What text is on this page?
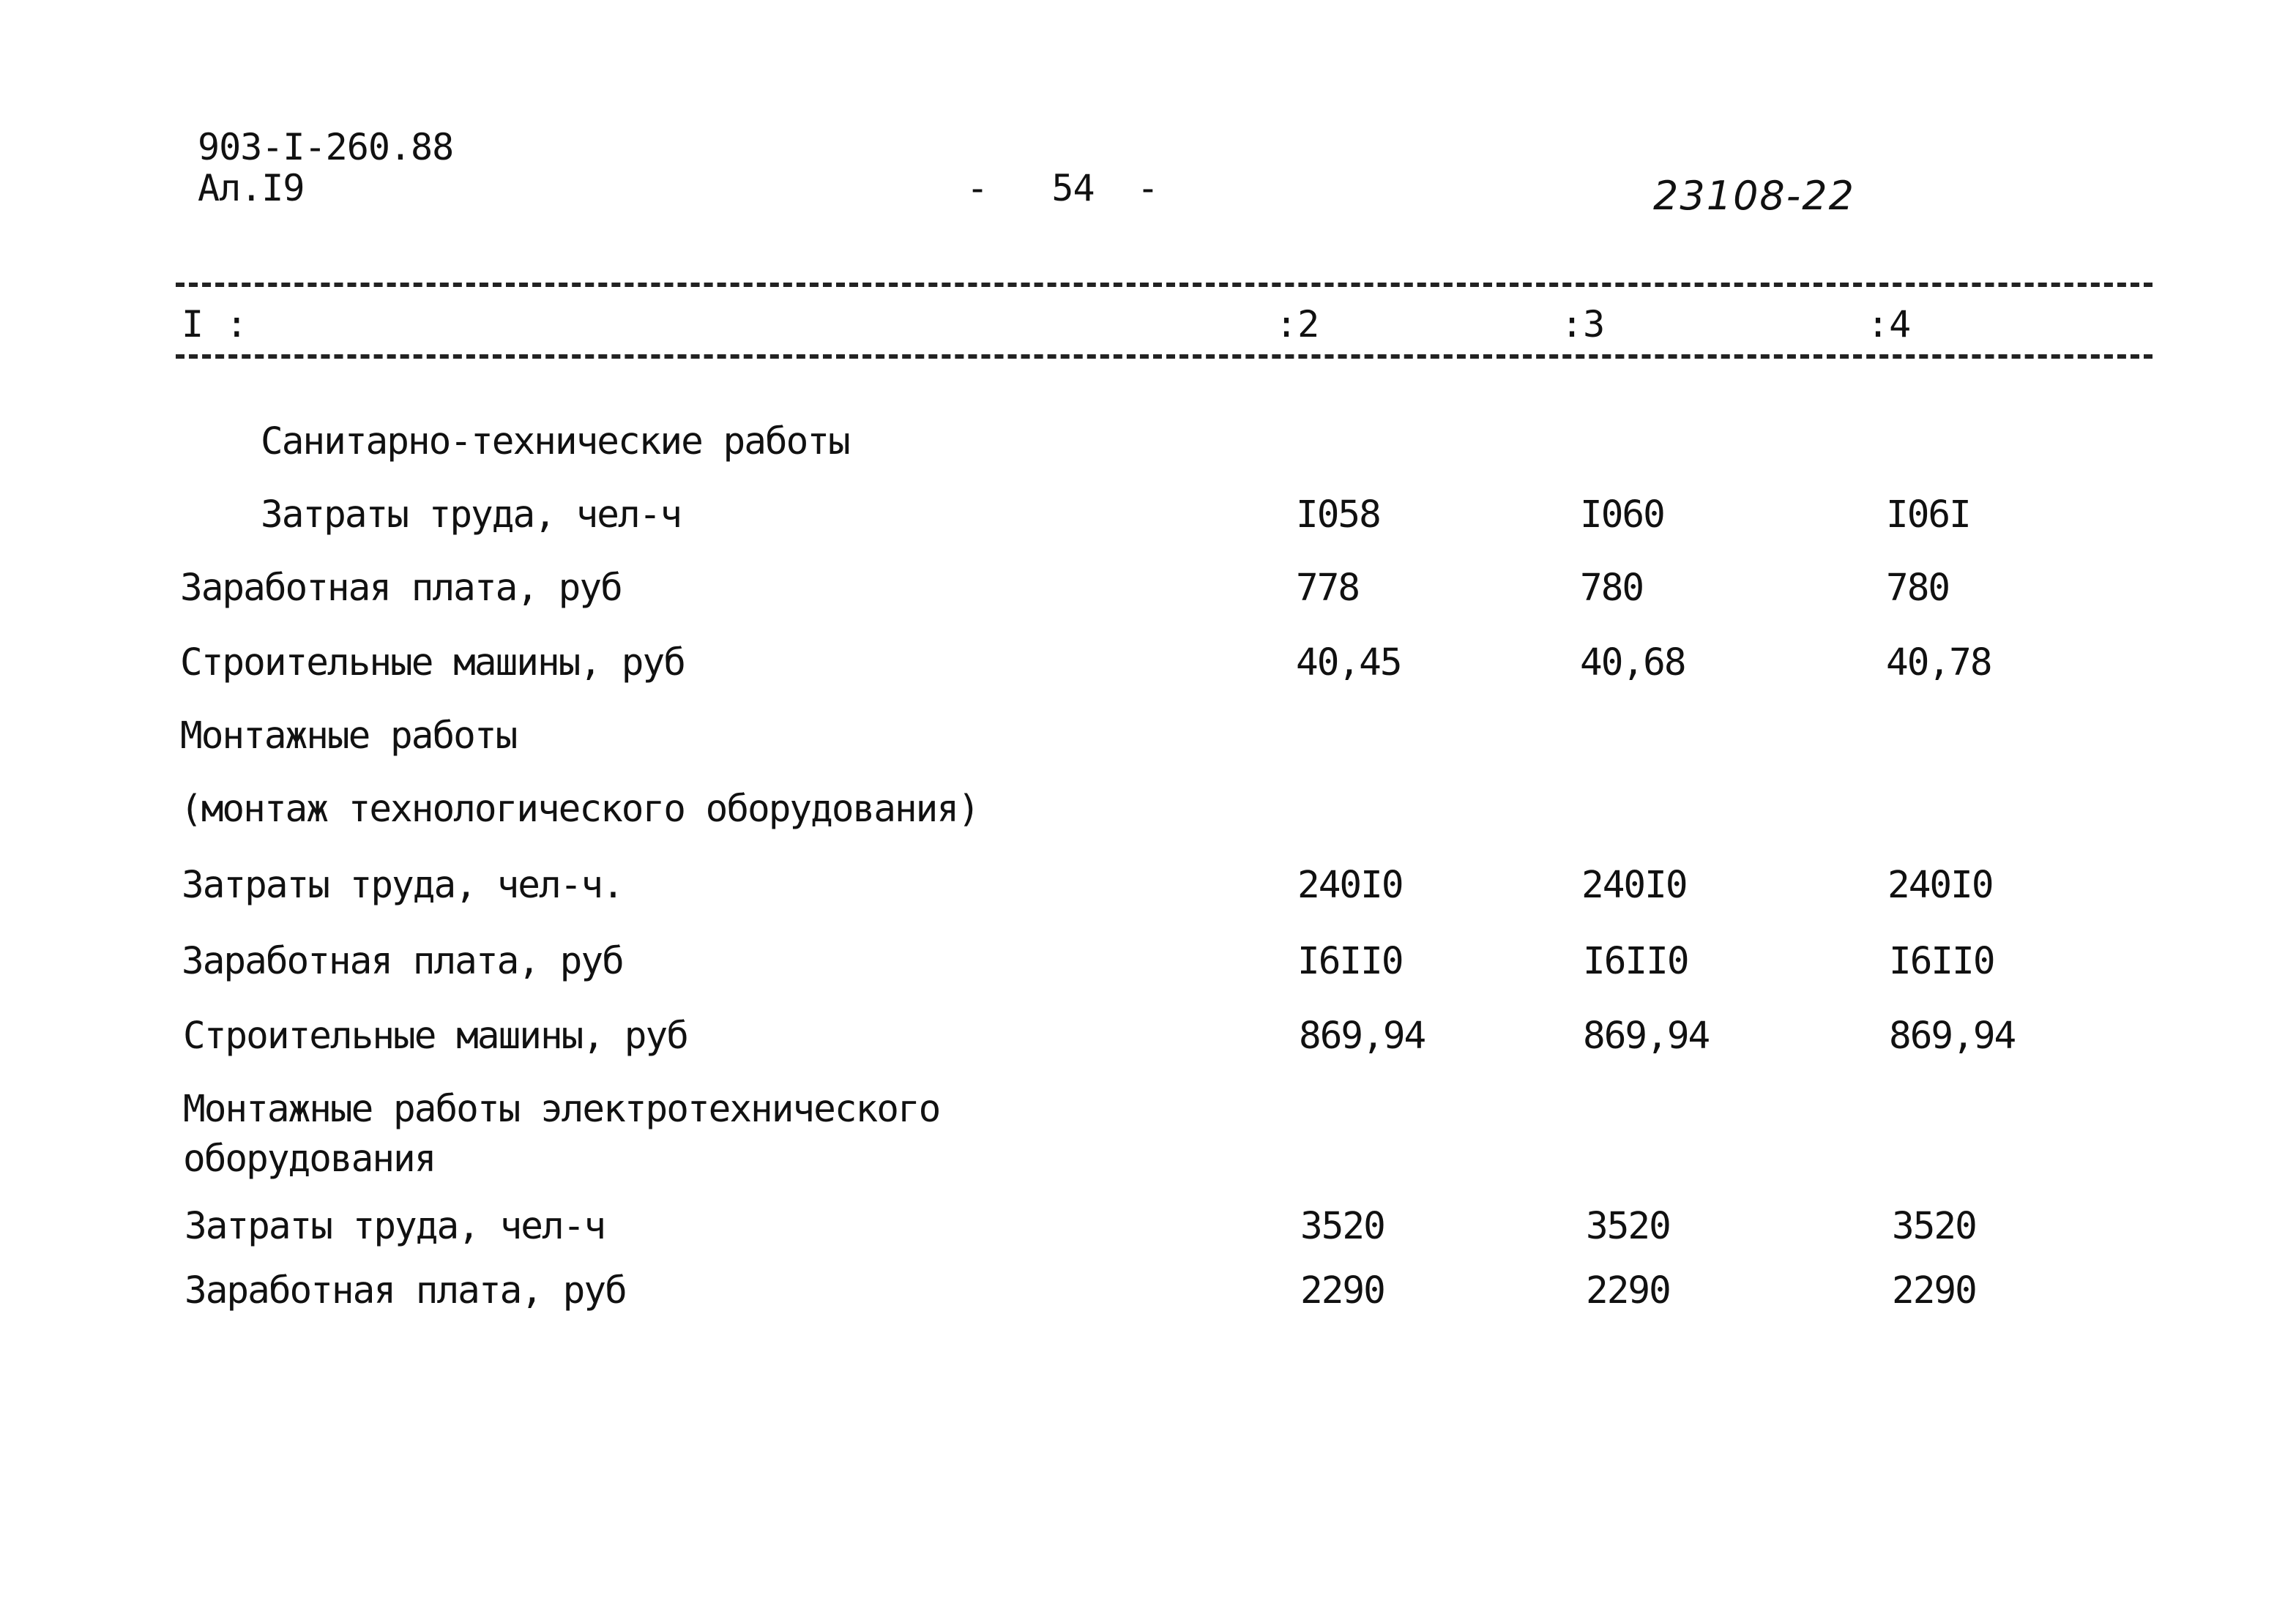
903-I-260.88
Ал.I9	-   54  -	23108-22
I :	:2	:3	:4
Санитарно-технические работы
Затраты труда, чел-ч	I058	I060	I06I
Заработная плата, руб	778	780	780
Строительные машины, руб	40,45	40,68	40,78
Монтажные работы
(монтаж технологического оборудования)
Затраты труда, чел-ч.	240I0	240I0	240I0
Заработная плата, руб	I6II0	I6II0	I6II0
Строительные машины, руб	869,94	869,94	869,94
Монтажные работы электротехнического
оборудования
Затраты труда, чел-ч	3520	3520	3520
Заработная плата, руб	2290	2290	2290
